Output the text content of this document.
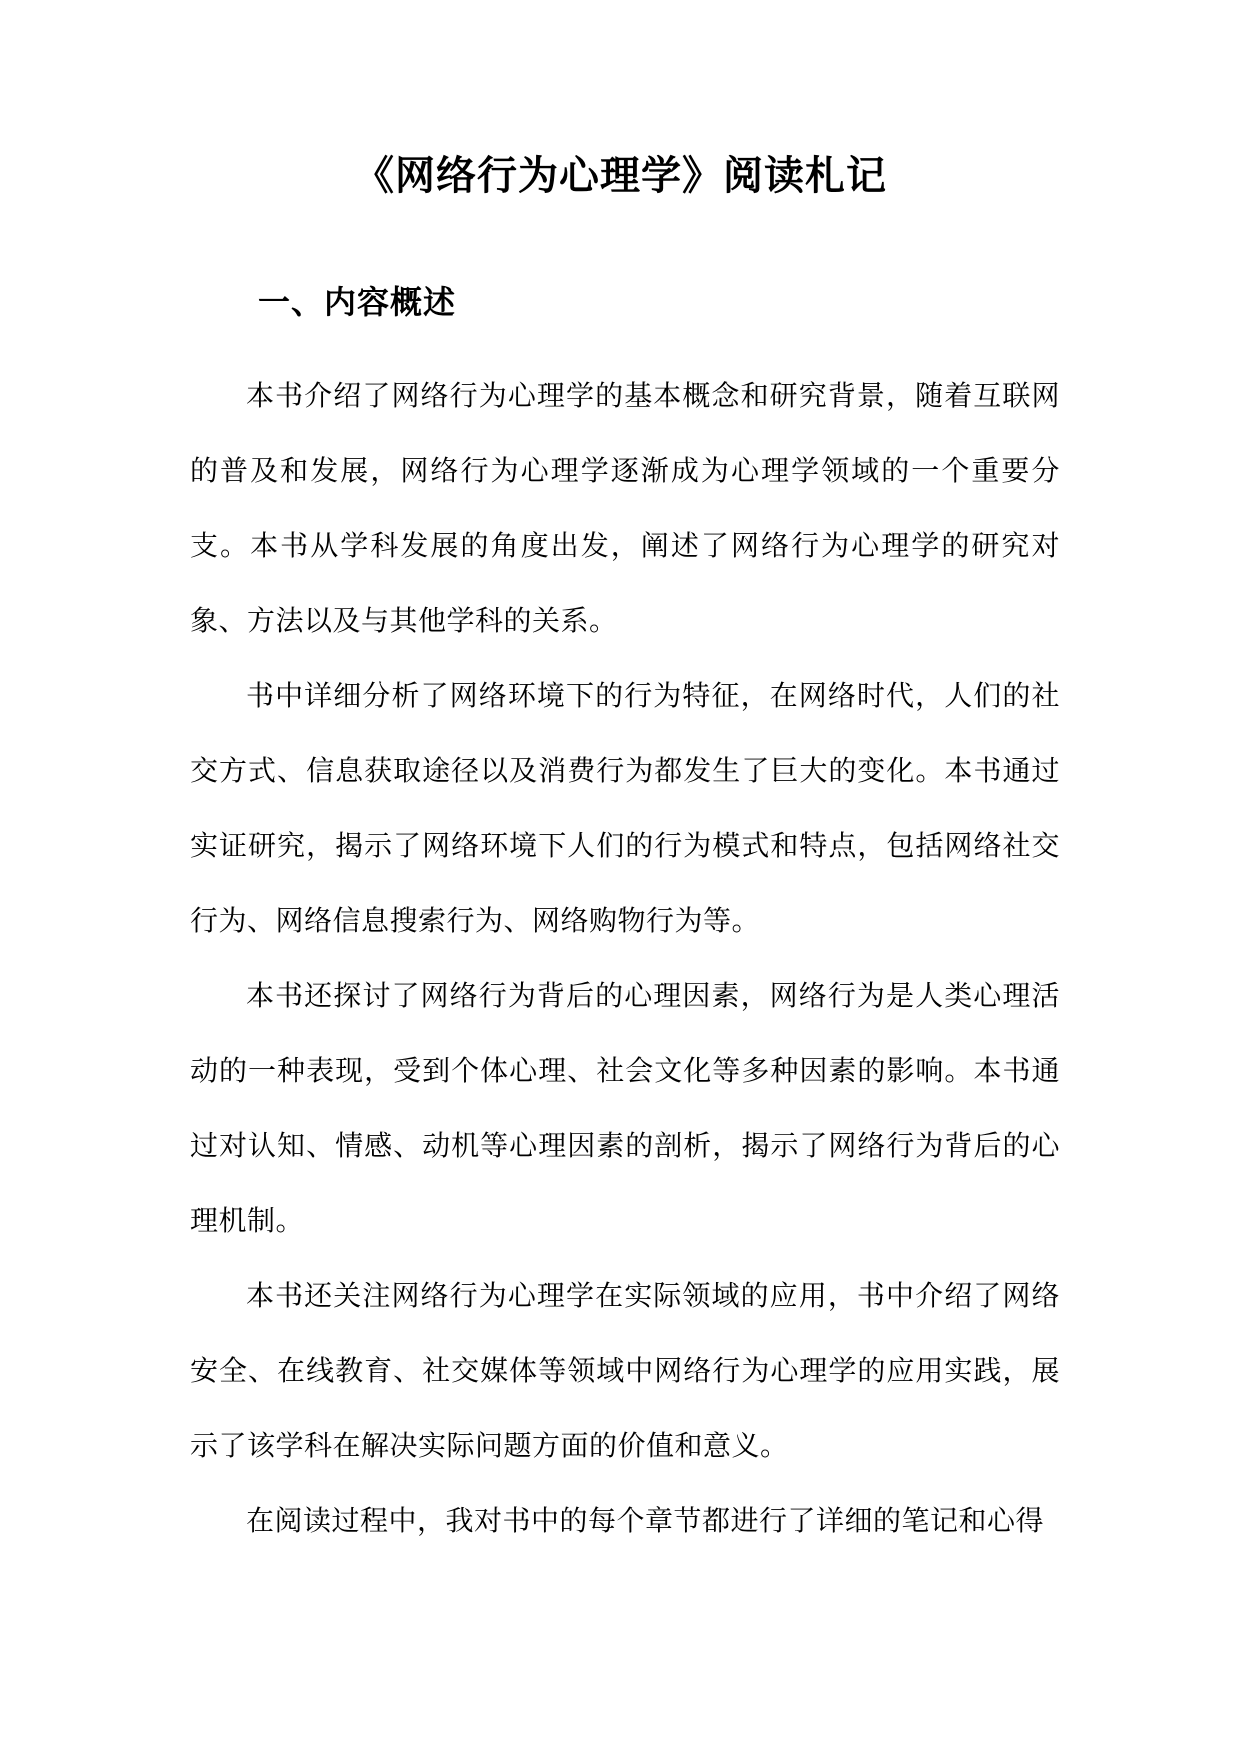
《网络行为心理学》阅读札记
一、内容概述

本书介绍了网络行为心理学的基本概念和研究背景，随着互联网的普及和发展，网络行为心理学逐渐成为心理学领域的一个重要分支。本书从学科发展的角度出发，阐述了网络行为心理学的研究对象、方法以及与其他学科的关系。

书中详细分析了网络环境下的行为特征，在网络时代，人们的社交方式、信息获取途径以及消费行为都发生了巨大的变化。本书通过实证研究，揭示了网络环境下人们的行为模式和特点，包括网络社交行为、网络信息搜索行为、网络购物行为等。

本书还探讨了网络行为背后的心理因素，网络行为是人类心理活动的一种表现，受到个体心理、社会文化等多种因素的影响。本书通过对认知、情感、动机等心理因素的剖析，揭示了网络行为背后的心理机制。

本书还关注网络行为心理学在实际领域的应用，书中介绍了网络安全、在线教育、社交媒体等领域中网络行为心理学的应用实践，展示了该学科在解决实际问题方面的价值和意义。

在阅读过程中，我对书中的每个章节都进行了详细的笔记和心得
